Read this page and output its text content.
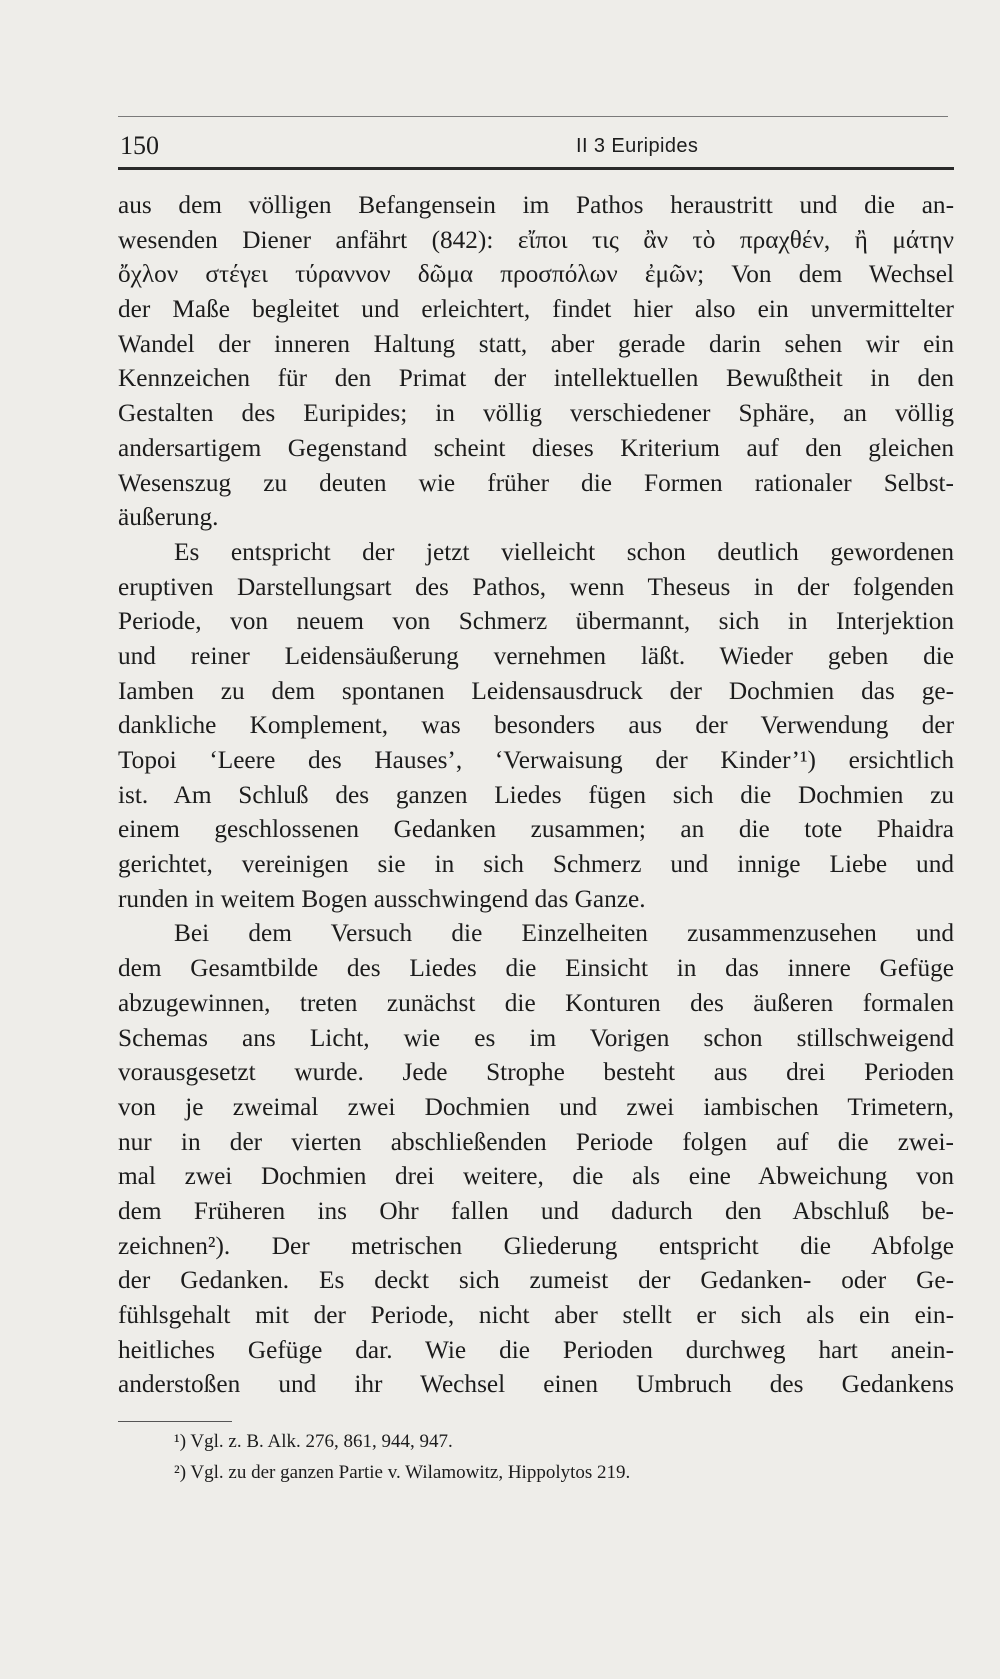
150	II 3 Euripides
aus dem völligen Befangensein im Pathos heraustritt und die an-
wesenden Diener anfährt (842): εἴποι τις ἂν τὸ πραχθέν, ἢ μάτην
ὄχλον στέγει τύραννον δῶμα προσπόλων ἐμῶν; Von dem Wechsel
der Maße begleitet und erleichtert, findet hier also ein unvermittelter
Wandel der inneren Haltung statt, aber gerade darin sehen wir ein
Kennzeichen für den Primat der intellektuellen Bewußtheit in den
Gestalten des Euripides; in völlig verschiedener Sphäre, an völlig
andersartigem Gegenstand scheint dieses Kriterium auf den gleichen
Wesenszug zu deuten wie früher die Formen rationaler Selbst-
äußerung.
Es entspricht der jetzt vielleicht schon deutlich gewordenen
eruptiven Darstellungsart des Pathos, wenn Theseus in der folgenden
Periode, von neuem von Schmerz übermannt, sich in Interjektion
und reiner Leidensäußerung vernehmen läßt. Wieder geben die
Iamben zu dem spontanen Leidensausdruck der Dochmien das ge-
dankliche Komplement, was besonders aus der Verwendung der
Topoi ‘Leere des Hauses’, ‘Verwaisung der Kinder’¹) ersichtlich
ist. Am Schluß des ganzen Liedes fügen sich die Dochmien zu
einem geschlossenen Gedanken zusammen; an die tote Phaidra
gerichtet, vereinigen sie in sich Schmerz und innige Liebe und
runden in weitem Bogen ausschwingend das Ganze.
Bei dem Versuch die Einzelheiten zusammenzusehen und
dem Gesamtbilde des Liedes die Einsicht in das innere Gefüge
abzugewinnen, treten zunächst die Konturen des äußeren formalen
Schemas ans Licht, wie es im Vorigen schon stillschweigend
vorausgesetzt wurde. Jede Strophe besteht aus drei Perioden
von je zweimal zwei Dochmien und zwei iambischen Trimetern,
nur in der vierten abschließenden Periode folgen auf die zwei-
mal zwei Dochmien drei weitere, die als eine Abweichung von
dem Früheren ins Ohr fallen und dadurch den Abschluß be-
zeichnen²). Der metrischen Gliederung entspricht die Abfolge
der Gedanken. Es deckt sich zumeist der Gedanken- oder Ge-
fühlsgehalt mit der Periode, nicht aber stellt er sich als ein ein-
heitliches Gefüge dar. Wie die Perioden durchweg hart anein-
anderstoßen und ihr Wechsel einen Umbruch des Gedankens
¹) Vgl. z. B. Alk. 276, 861, 944, 947.
²) Vgl. zu der ganzen Partie v. Wilamowitz, Hippolytos 219.
